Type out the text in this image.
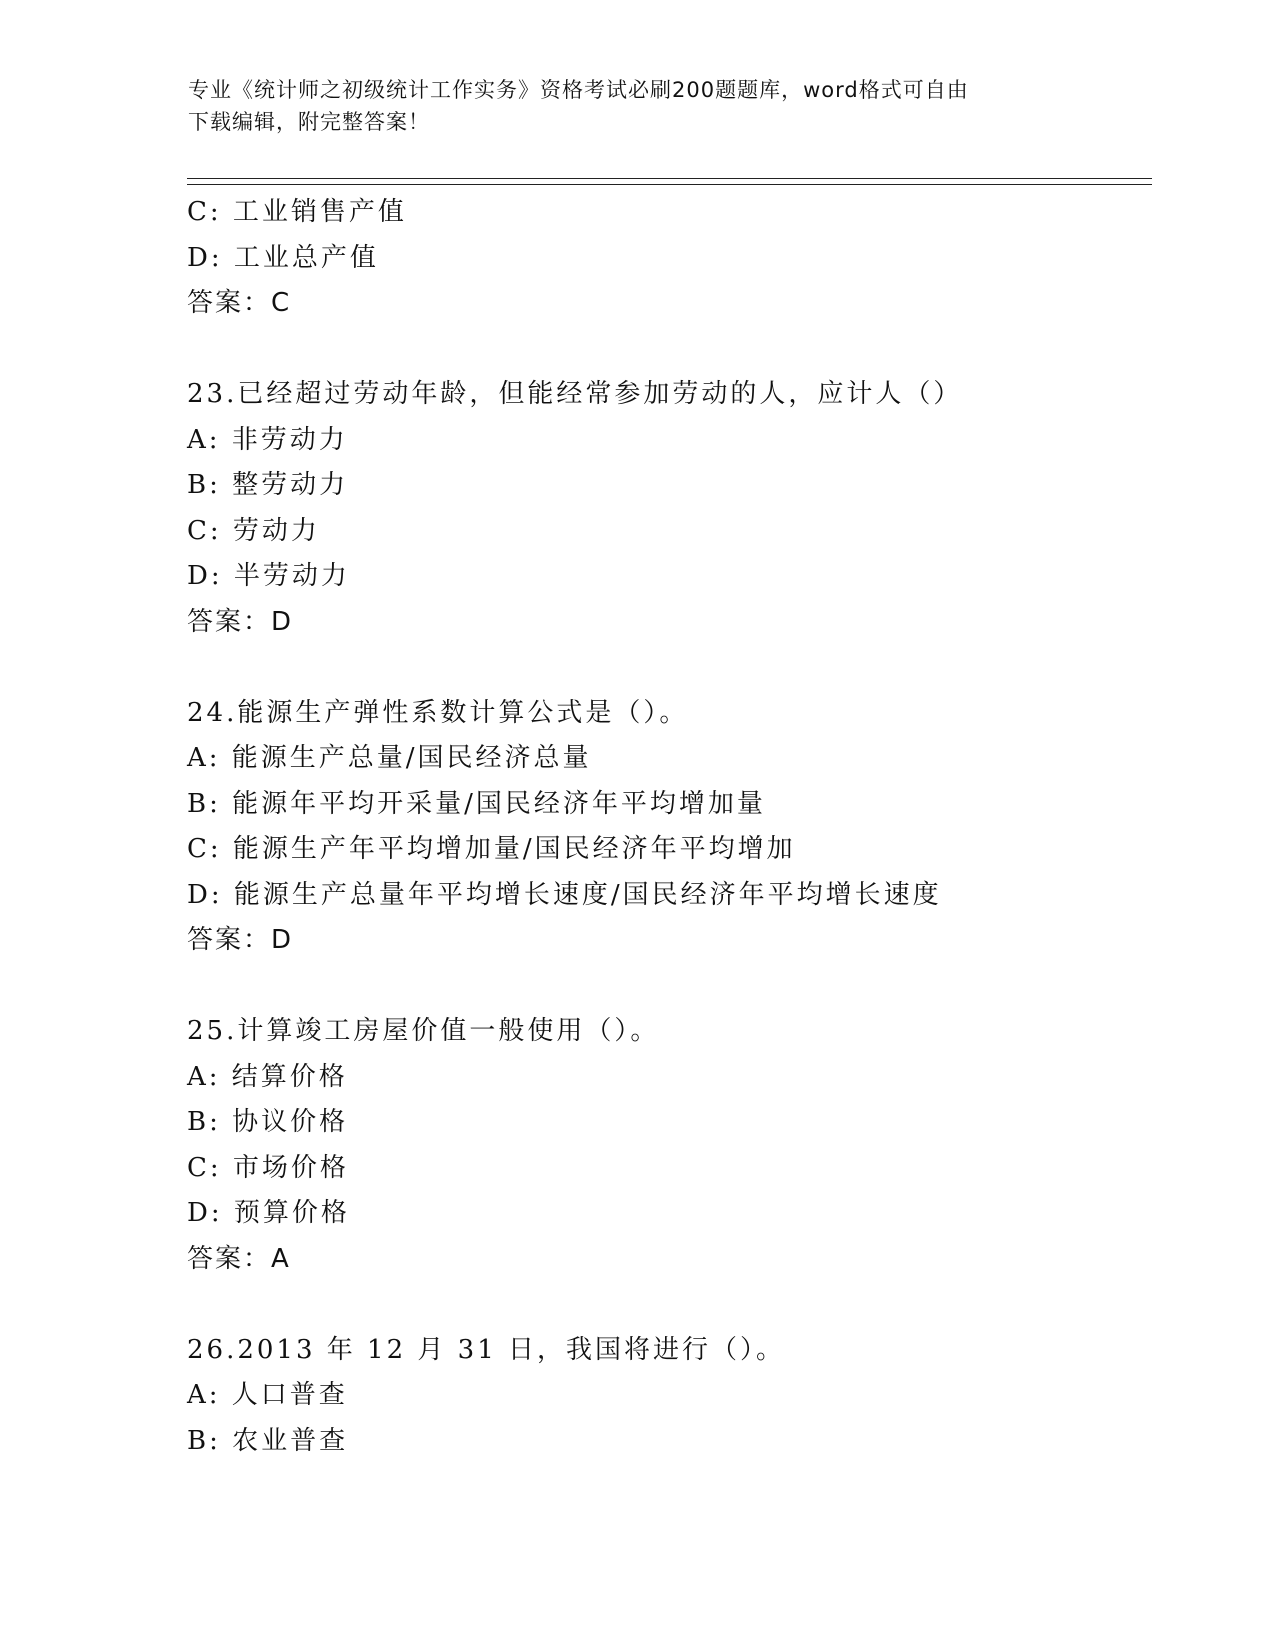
专业《统计师之初级统计工作实务》资格考试必刷200题题库，word格式可自由
下载编辑，附完整答案！
C: 工业销售产值
D: 工业总产值
答案：C
23.已经超过劳动年龄，但能经常参加劳动的人，应计人（）
A: 非劳动力
B: 整劳动力
C: 劳动力
D: 半劳动力
答案：D
24.能源生产弹性系数计算公式是（）。
A: 能源生产总量/国民经济总量
B: 能源年平均开采量/国民经济年平均增加量
C: 能源生产年平均增加量/国民经济年平均增加
D: 能源生产总量年平均增长速度/国民经济年平均增长速度
答案：D
25.计算竣工房屋价值一般使用（）。
A: 结算价格
B: 协议价格
C: 市场价格
D: 预算价格
答案：A
26.2013 年 12 月 31 日，我国将进行（）。
A: 人口普查
B: 农业普查
